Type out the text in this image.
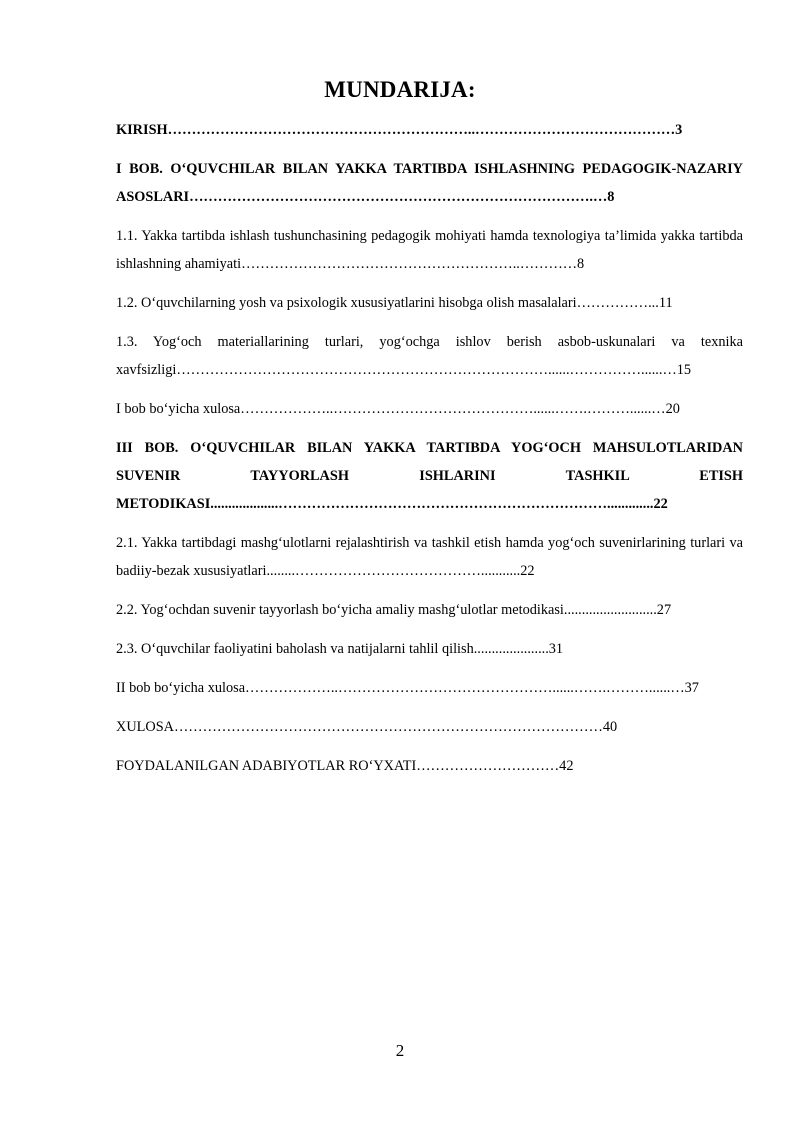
MUNDARIJA:
KIRISH………………………………………………………..……………………………………3
I BOB. O‘QUVCHILAR BILAN YAKKA TARTIBDA ISHLASHNING PEDAGOGIK-NAZARIY ASOSLARI………………………………………………………………………….…8
1.1. Yakka tartibda ishlash tushunchasining pedagogik mohiyati hamda texnologiya ta’limida yakka tartibda ishlashning ahamiyati…………………………………………………..…………8
1.2. O‘quvchilarning yosh va psixologik xususiyatlarini hisobga olish masalalari……………...11
1.3. Yog‘och materiallarining turlari, yog‘ochga ishlov berish asbob-uskunalari va texnika xavfsizligi……………………………………………………………………......……………......…15
I bob bo‘yicha xulosa………………..……………………………………......…….………......…20
III BOB. O‘QUVCHILAR BILAN YAKKA TARTIBDA YOG‘OCH MAHSULOTLARIDAN SUVENIR TAYYORLASH ISHLARINI TASHKIL ETISH METODIKASI...................…………………………………………………………….............22
2.1. Yakka tartibdagi mashg‘ulotlarni rejalashtirish va tashkil etish hamda yog‘och suvenirlarining turlari va badiiy-bezak xususiyatlari........…………………………………...........22
2.2. Yog‘ochdan suvenir tayyorlash bo‘yicha amaliy mashg‘ulotlar metodikasi..........................27
2.3. O‘quvchilar faoliyatini baholash va natijalarni tahlil qilish.....................31
II bob bo‘yicha xulosa………………..………………………………………......…….………......…37
XULOSA………………………………………………………………………………40
FOYDALANILGAN ADABIYOTLAR RO‘YXATI…………………………42
2
